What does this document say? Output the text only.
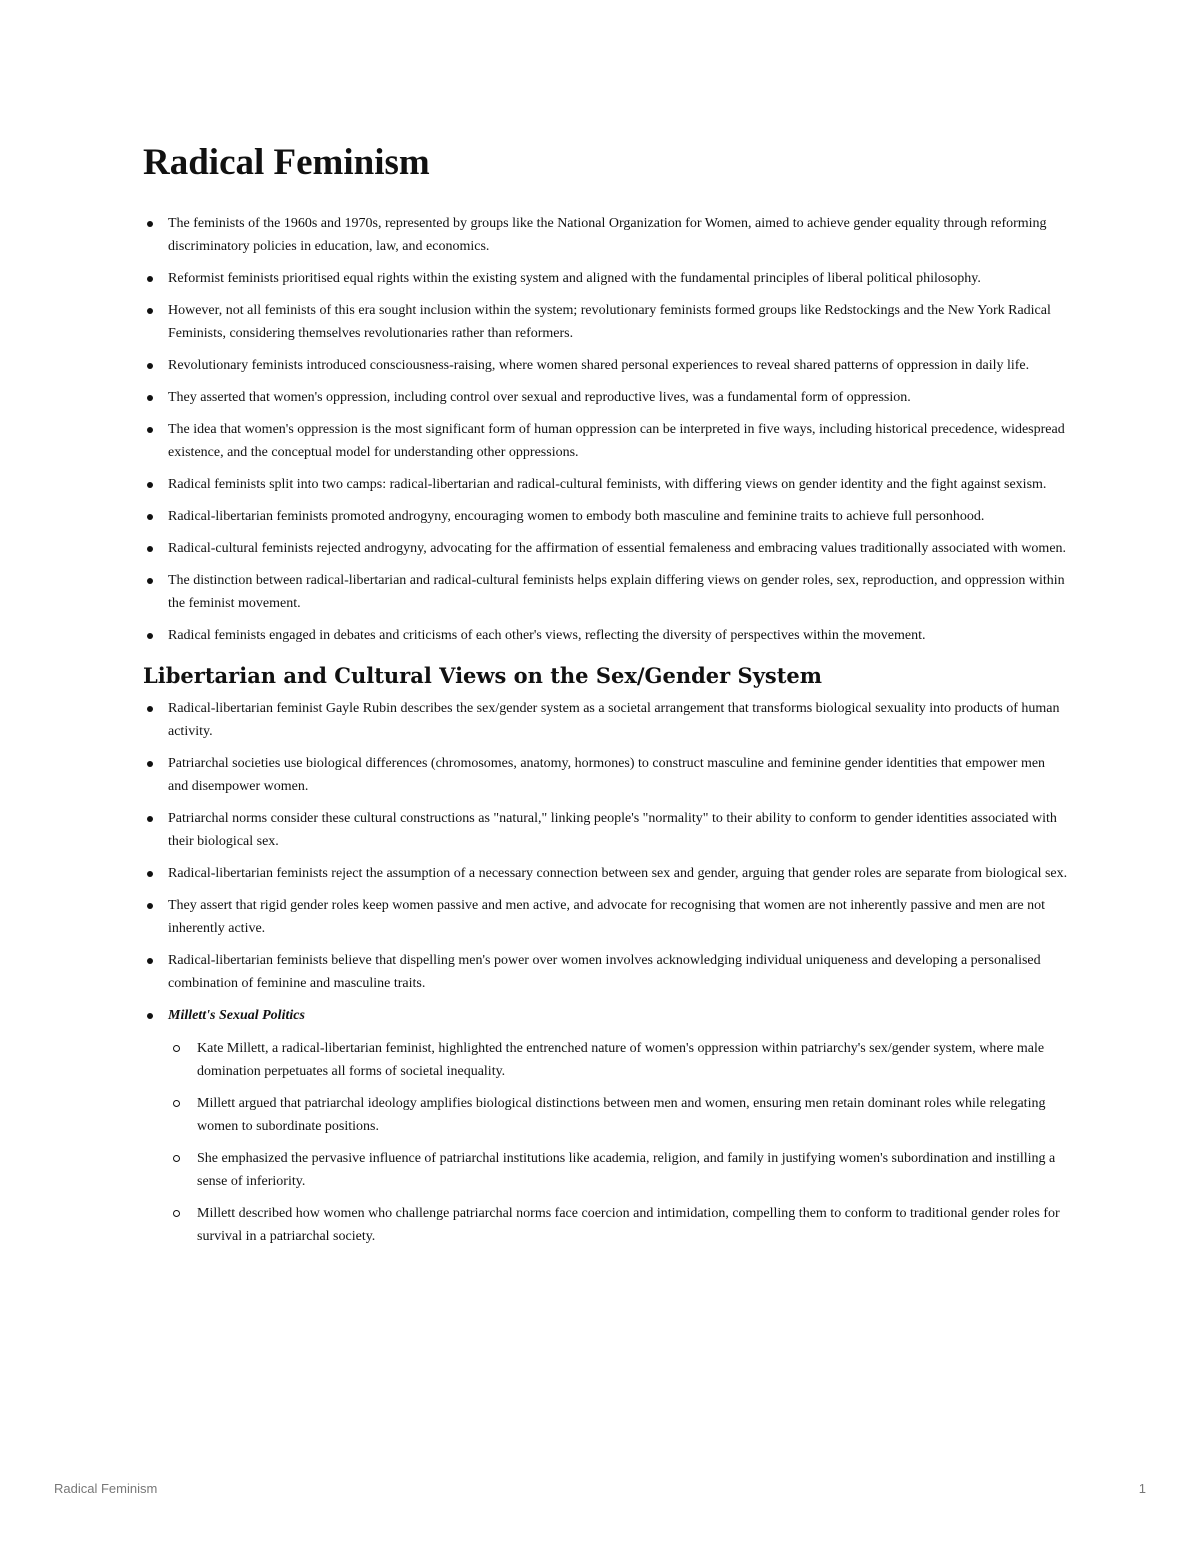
Radical Feminism
The feminists of the 1960s and 1970s, represented by groups like the National Organization for Women, aimed to achieve gender equality through reforming discriminatory policies in education, law, and economics.
Reformist feminists prioritised equal rights within the existing system and aligned with the fundamental principles of liberal political philosophy.
However, not all feminists of this era sought inclusion within the system; revolutionary feminists formed groups like Redstockings and the New York Radical Feminists, considering themselves revolutionaries rather than reformers.
Revolutionary feminists introduced consciousness-raising, where women shared personal experiences to reveal shared patterns of oppression in daily life.
They asserted that women's oppression, including control over sexual and reproductive lives, was a fundamental form of oppression.
The idea that women's oppression is the most significant form of human oppression can be interpreted in five ways, including historical precedence, widespread existence, and the conceptual model for understanding other oppressions.
Radical feminists split into two camps: radical-libertarian and radical-cultural feminists, with differing views on gender identity and the fight against sexism.
Radical-libertarian feminists promoted androgyny, encouraging women to embody both masculine and feminine traits to achieve full personhood.
Radical-cultural feminists rejected androgyny, advocating for the affirmation of essential femaleness and embracing values traditionally associated with women.
The distinction between radical-libertarian and radical-cultural feminists helps explain differing views on gender roles, sex, reproduction, and oppression within the feminist movement.
Radical feminists engaged in debates and criticisms of each other's views, reflecting the diversity of perspectives within the movement.
Libertarian and Cultural Views on the Sex/Gender System
Radical-libertarian feminist Gayle Rubin describes the sex/gender system as a societal arrangement that transforms biological sexuality into products of human activity.
Patriarchal societies use biological differences (chromosomes, anatomy, hormones) to construct masculine and feminine gender identities that empower men and disempower women.
Patriarchal norms consider these cultural constructions as "natural," linking people's "normality" to their ability to conform to gender identities associated with their biological sex.
Radical-libertarian feminists reject the assumption of a necessary connection between sex and gender, arguing that gender roles are separate from biological sex.
They assert that rigid gender roles keep women passive and men active, and advocate for recognising that women are not inherently passive and men are not inherently active.
Radical-libertarian feminists believe that dispelling men's power over women involves acknowledging individual uniqueness and developing a personalised combination of feminine and masculine traits.
Millett's Sexual Politics
Kate Millett, a radical-libertarian feminist, highlighted the entrenched nature of women's oppression within patriarchy's sex/gender system, where male domination perpetuates all forms of societal inequality.
Millett argued that patriarchal ideology amplifies biological distinctions between men and women, ensuring men retain dominant roles while relegating women to subordinate positions.
She emphasized the pervasive influence of patriarchal institutions like academia, religion, and family in justifying women's subordination and instilling a sense of inferiority.
Millett described how women who challenge patriarchal norms face coercion and intimidation, compelling them to conform to traditional gender roles for survival in a patriarchal society.
Radical Feminism	1
